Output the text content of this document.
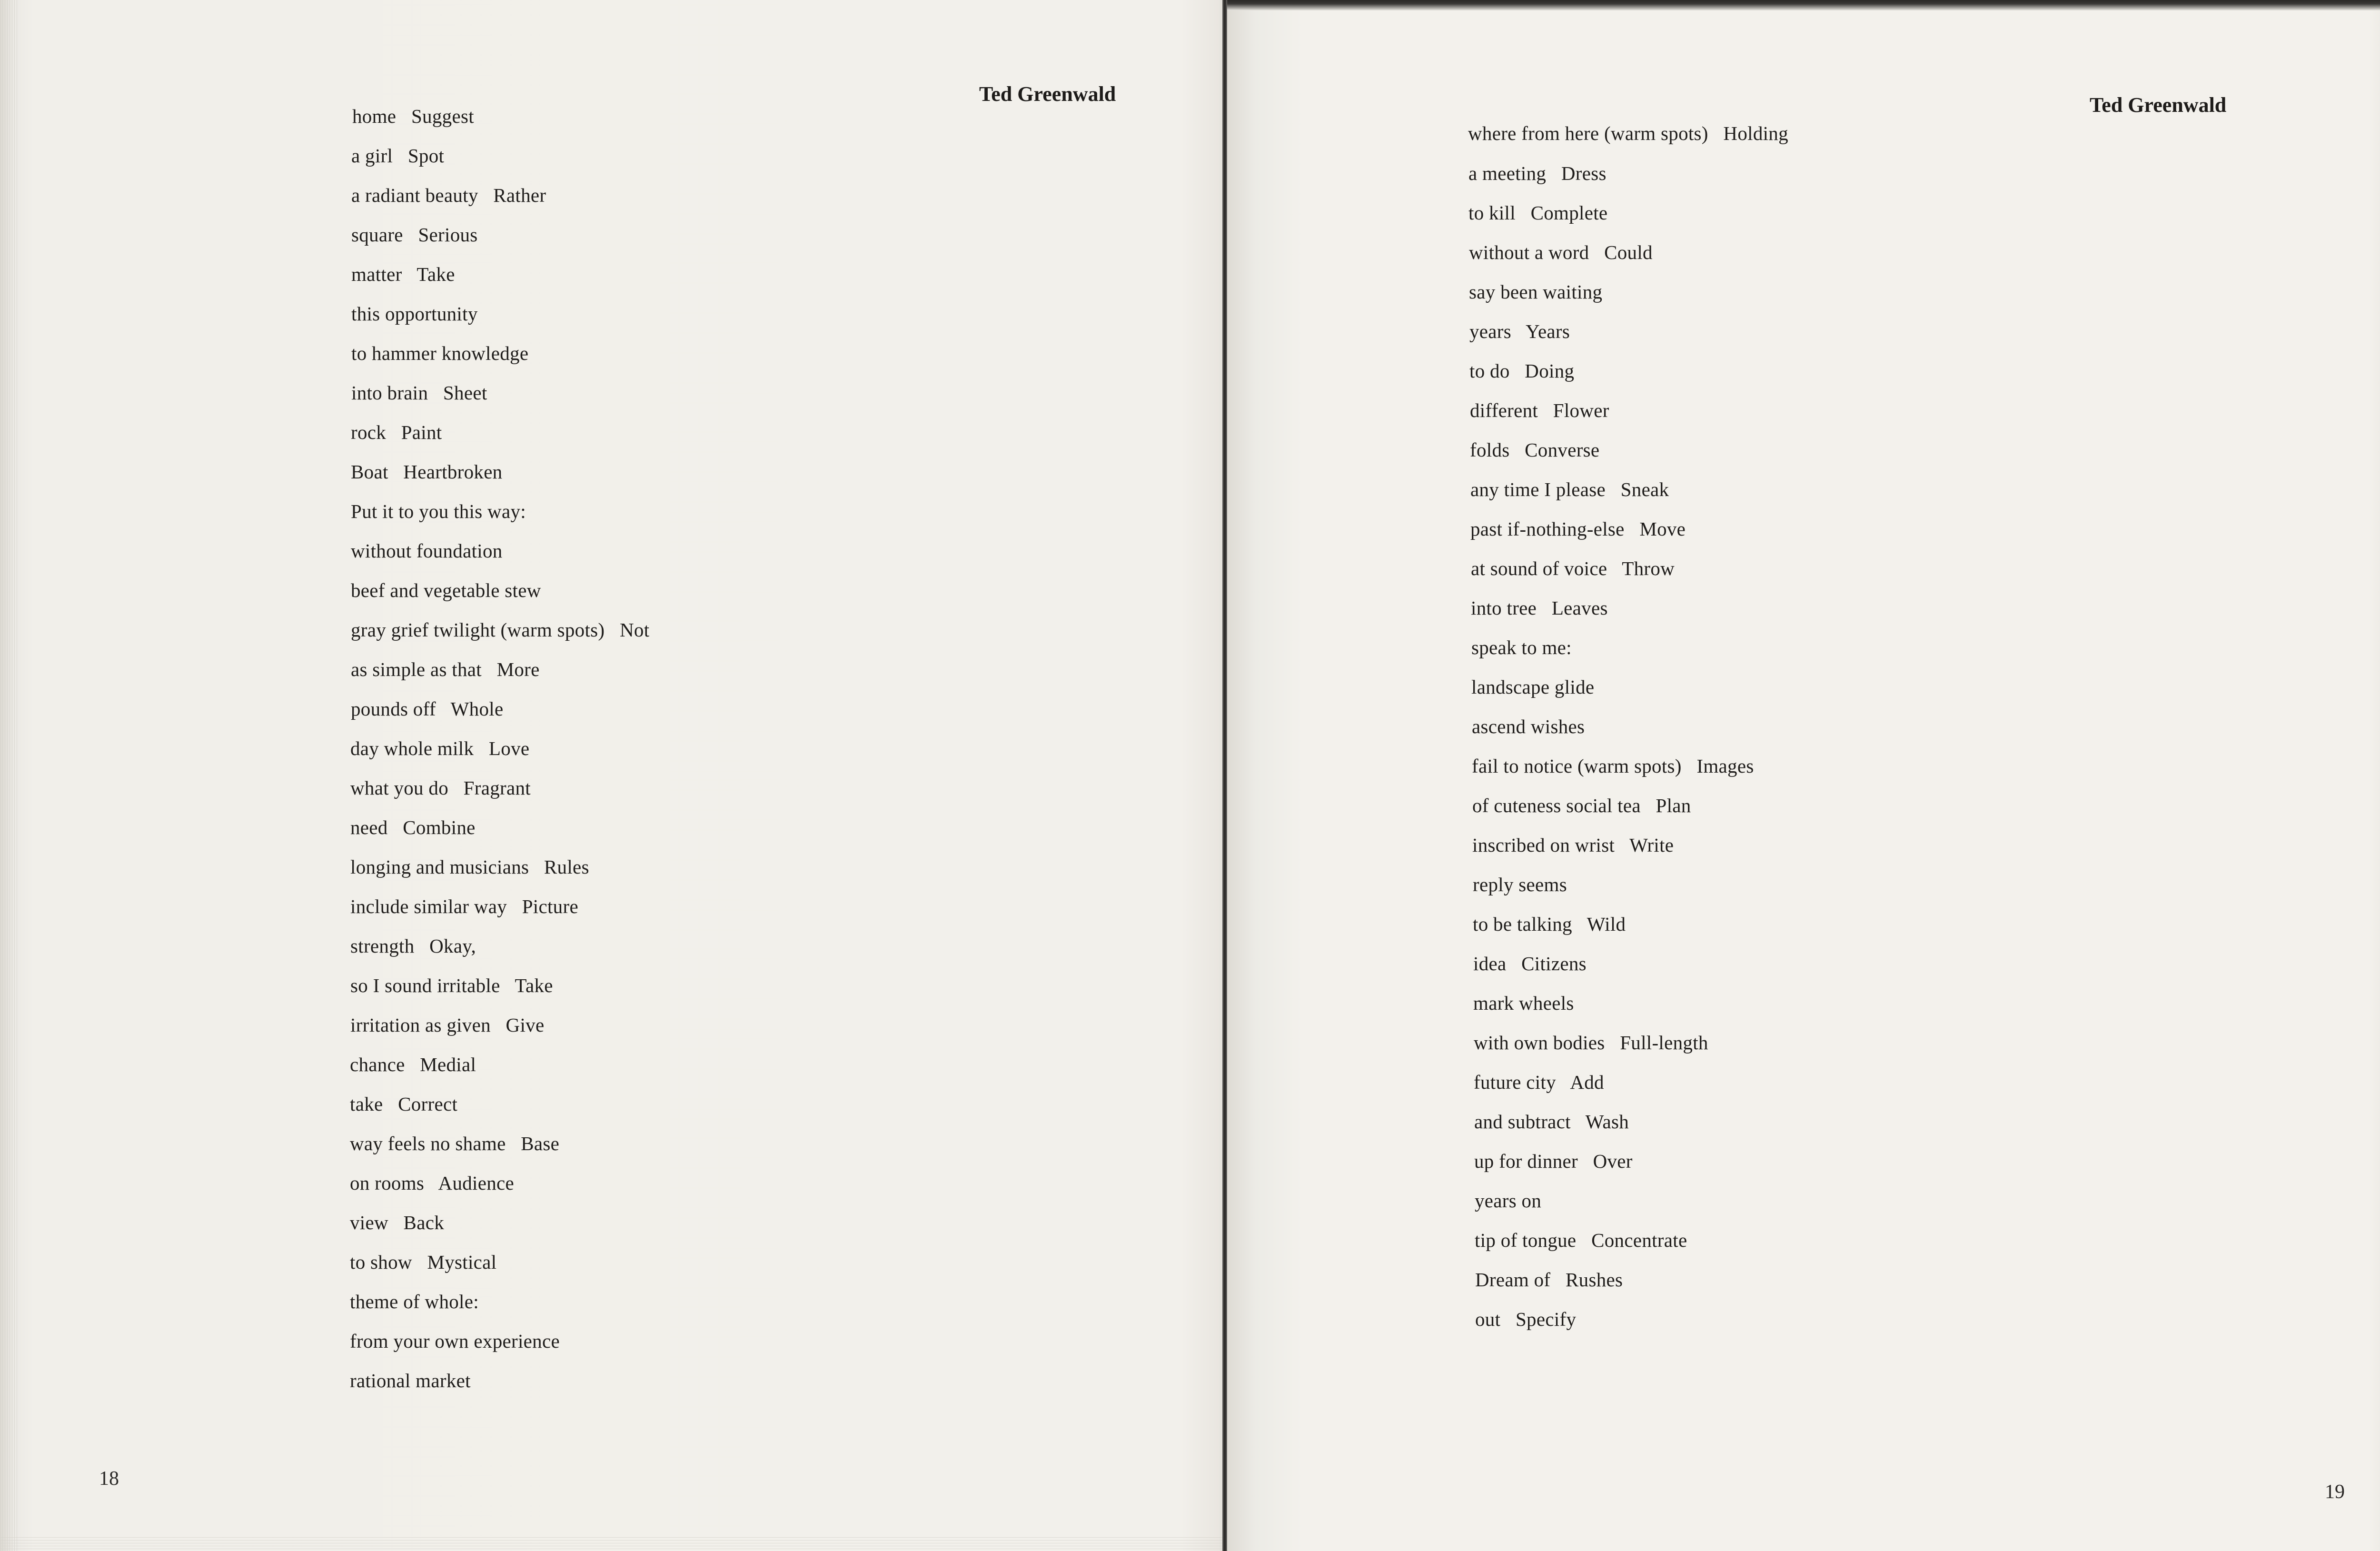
Ted Greenwald
home   Suggest
a girl   Spot
a radiant beauty   Rather
square   Serious
matter   Take
this opportunity
to hammer knowledge
into brain   Sheet
rock   Paint
Boat   Heartbroken
Put it to you this way:
without foundation
beef and vegetable stew
gray grief twilight (warm spots)   Not
as simple as that   More
pounds off   Whole
day whole milk   Love
what you do   Fragrant
need   Combine
longing and musicians   Rules
include similar way   Picture
strength   Okay,
so I sound irritable   Take
irritation as given   Give
chance   Medial
take   Correct
way feels no shame   Base
on rooms   Audience
view   Back
to show   Mystical
theme of whole:
from your own experience
rational market
18
Ted Greenwald
where from here (warm spots)   Holding
a meeting   Dress
to kill   Complete
without a word   Could
say been waiting
years   Years
to do   Doing
different   Flower
folds   Converse
any time I please   Sneak
past if-nothing-else   Move
at sound of voice   Throw
into tree   Leaves
speak to me:
landscape glide
ascend wishes
fail to notice (warm spots)   Images
of cuteness social tea   Plan
inscribed on wrist   Write
reply seems
to be talking   Wild
idea   Citizens
mark wheels
with own bodies   Full-length
future city   Add
and subtract   Wash
up for dinner   Over
years on
tip of tongue   Concentrate
Dream of   Rushes
out   Specify
19
